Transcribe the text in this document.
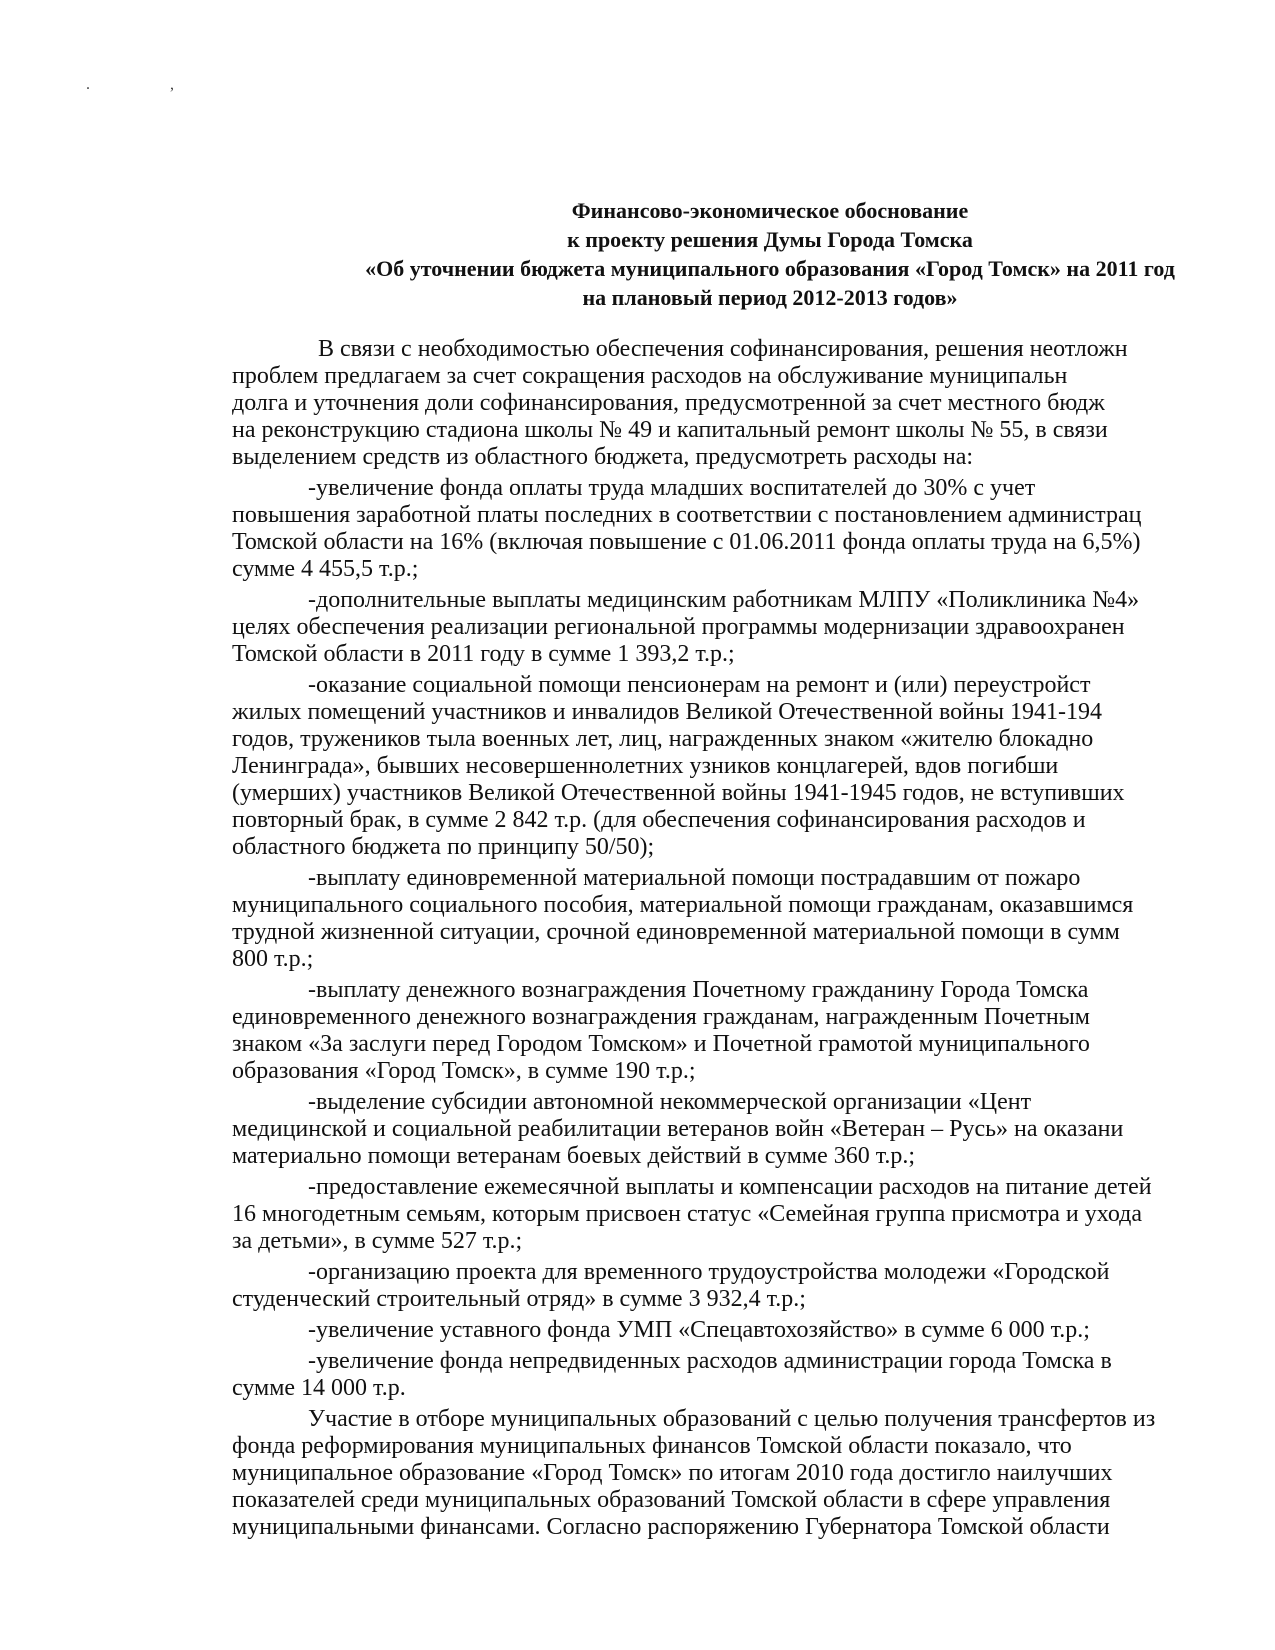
. ,
Финансово-экономическое обоснование
к проекту решения Думы Города Томска
«Об уточнении бюджета муниципального образования «Город Томск» на 2011 год
на плановый период 2012-2013 годов»
В связи с необходимостью обеспечения софинансирования, решения неотложн
проблем предлагаем за счет сокращения расходов на обслуживание муниципальн
долга и уточнения доли софинансирования, предусмотренной за счет местного бюдж
на реконструкцию стадиона школы № 49 и капитальный ремонт школы № 55, в связи
выделением средств из областного бюджета, предусмотреть расходы на:
-увеличение фонда оплаты труда младших воспитателей до 30% с учет
повышения заработной платы последних в соответствии с постановлением администрац
Томской области на 16% (включая повышение с 01.06.2011 фонда оплаты труда на 6,5%)
сумме 4 455,5 т.р.;
-дополнительные выплаты медицинским работникам МЛПУ «Поликлиника №4»
целях обеспечения реализации региональной программы модернизации здравоохранен
Томской области в 2011 году в сумме 1 393,2 т.р.;
-оказание социальной помощи пенсионерам на ремонт и (или) переустройст
жилых помещений участников и инвалидов Великой Отечественной войны 1941-194
годов, тружеников тыла военных лет, лиц, награжденных знаком «жителю блокадно
Ленинграда», бывших несовершеннолетних узников концлагерей, вдов погибши
(умерших) участников Великой Отечественной войны 1941-1945 годов, не вступивших
повторный брак, в сумме 2 842 т.р. (для обеспечения софинансирования расходов и
областного бюджета по принципу 50/50);
-выплату единовременной материальной помощи пострадавшим от пожаро
муниципального социального пособия, материальной помощи гражданам, оказавшимся
трудной жизненной ситуации, срочной единовременной материальной помощи в сумм
800 т.р.;
-выплату денежного вознаграждения Почетному гражданину Города Томска
единовременного денежного вознаграждения гражданам, награжденным Почетным
знаком «За заслуги перед Городом Томском» и Почетной грамотой муниципального
образования «Город Томск», в сумме 190 т.р.;
-выделение субсидии автономной некоммерческой организации «Цент
медицинской и социальной реабилитации ветеранов войн «Ветеран – Русь» на оказани
материально помощи ветеранам боевых действий в сумме 360 т.р.;
-предоставление ежемесячной выплаты и компенсации расходов на питание детей
16 многодетным семьям, которым присвоен статус «Семейная группа присмотра и ухода
за детьми», в сумме 527 т.р.;
-организацию проекта для временного трудоустройства молодежи «Городской
студенческий строительный отряд» в сумме 3 932,4 т.р.;
-увеличение уставного фонда УМП «Спецавтохозяйство» в сумме 6 000 т.р.;
-увеличение фонда непредвиденных расходов администрации города Томска в
сумме 14 000 т.р.
Участие в отборе муниципальных образований с целью получения трансфертов из
фонда реформирования муниципальных финансов Томской области показало, что
муниципальное образование «Город Томск» по итогам 2010 года достигло наилучших
показателей среди муниципальных образований Томской области в сфере управления
муниципальными финансами. Согласно распоряжению Губернатора Томской области
